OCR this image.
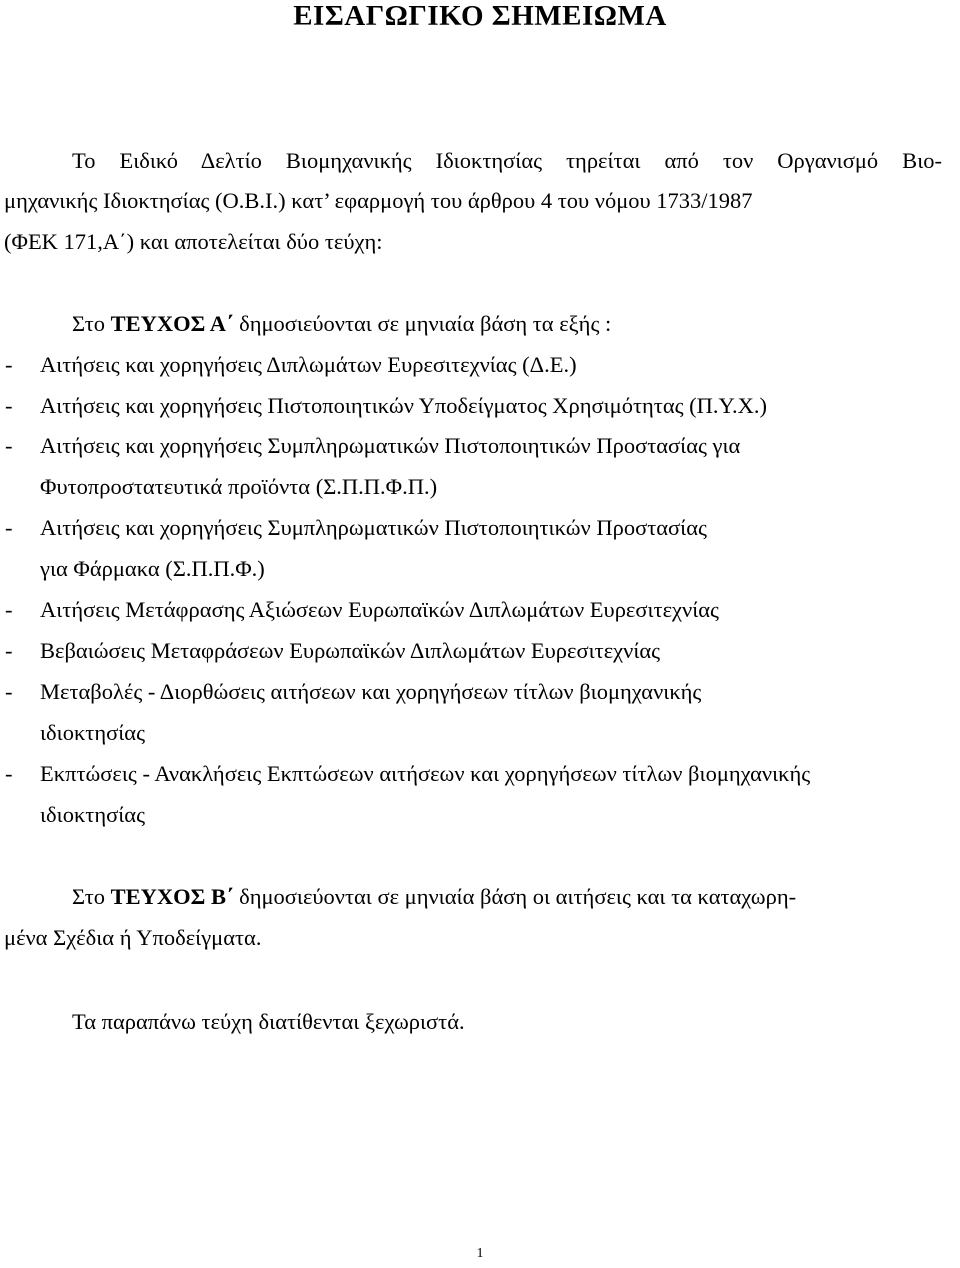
ΕΙΣΑΓΩΓΙΚΟ ΣΗΜΕΙΩΜΑ
Το Ειδικό Δελτίο Βιομηχανικής Ιδιοκτησίας τηρείται από τον Οργανισμό Βιο-
μηχανικής Ιδιοκτησίας (Ο.Β.Ι.) κατ’ εφαρμογή του άρθρου 4 του νόμου 1733/1987
(ΦΕΚ 171,Α΄) και αποτελείται δύο τεύχη:
Στο ΤΕΥΧΟΣ Α΄ δημοσιεύονται σε μηνιαία βάση τα εξής :
- Αιτήσεις και χορηγήσεις Διπλωμάτων Ευρεσιτεχνίας (Δ.Ε.)
- Αιτήσεις και χορηγήσεις Πιστοποιητικών Υποδείγματος Χρησιμότητας (Π.Υ.Χ.)
- Αιτήσεις και χορηγήσεις Συμπληρωματικών Πιστοποιητικών Προστασίας για
Φυτοπροστατευτικά προϊόντα (Σ.Π.Π.Φ.Π.)
- Αιτήσεις και χορηγήσεις Συμπληρωματικών Πιστοποιητικών Προστασίας
για Φάρμακα (Σ.Π.Π.Φ.)
- Αιτήσεις Μετάφρασης Αξιώσεων Ευρωπαϊκών Διπλωμάτων Ευρεσιτεχνίας
- Βεβαιώσεις Μεταφράσεων Ευρωπαϊκών Διπλωμάτων Ευρεσιτεχνίας
- Μεταβολές - Διορθώσεις αιτήσεων και χορηγήσεων τίτλων βιομηχανικής
ιδιοκτησίας
- Εκπτώσεις - Ανακλήσεις Εκπτώσεων αιτήσεων και χορηγήσεων τίτλων βιομηχανικής
ιδιοκτησίας
Στο ΤΕΥΧΟΣ Β΄ δημοσιεύονται σε μηνιαία βάση οι αιτήσεις και τα καταχωρη-
μένα Σχέδια ή Υποδείγματα.
Τα παραπάνω τεύχη διατίθενται ξεχωριστά.
1
